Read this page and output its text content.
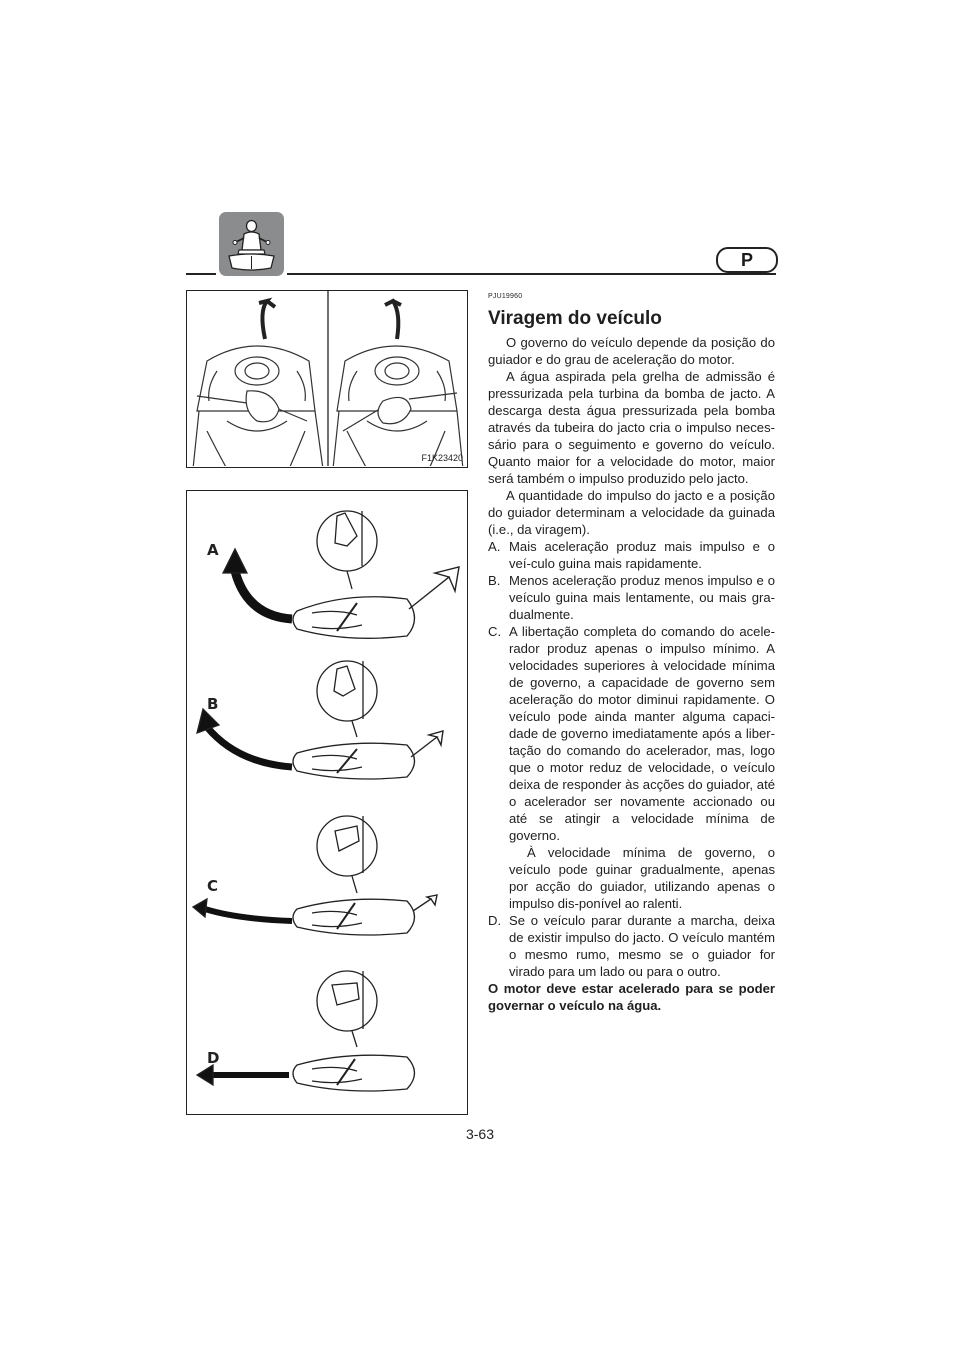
P
F1K23420
A
B
C
D
PJU19960
Viragem do veículo

O governo do veículo depende da posição do guiador e do grau de aceleração do motor.

A água aspirada pela grelha de admissão é pressurizada pela turbina da bomba de jacto. A descarga desta água pressurizada pela bomba através da tubeira do jacto cria o impulso neces-sário para o seguimento e governo do veículo. Quanto maior for a velocidade do motor, maior será também o impulso produzido pelo jacto.

A quantidade do impulso do jacto e a posição do guiador determinam a velocidade da guinada (i.e., da viragem).

A. Mais aceleração produz mais impulso e o veí-culo guina mais rapidamente.
B. Menos aceleração produz menos impulso e o veículo guina mais lentamente, ou mais gra-dualmente.
C. A libertação completa do comando do acele-rador produz apenas o impulso mínimo. A velocidades superiores à velocidade mínima de governo, a capacidade de governo sem aceleração do motor diminui rapidamente. O veículo pode ainda manter alguma capaci-dade de governo imediatamente após a liber-tação do comando do acelerador, mas, logo que o motor reduz de velocidade, o veículo deixa de responder às acções do guiador, até o acelerador ser novamente accionado ou até se atingir a velocidade mínima de governo.

À velocidade mínima de governo, o veículo pode guinar gradualmente, apenas por acção do guiador, utilizando apenas o impulso dis-ponível ao ralenti.

D. Se o veículo parar durante a marcha, deixa de existir impulso do jacto. O veículo mantém o mesmo rumo, mesmo se o guiador for virado para um lado ou para o outro.

O motor deve estar acelerado para se poder governar o veículo na água.

3-63
